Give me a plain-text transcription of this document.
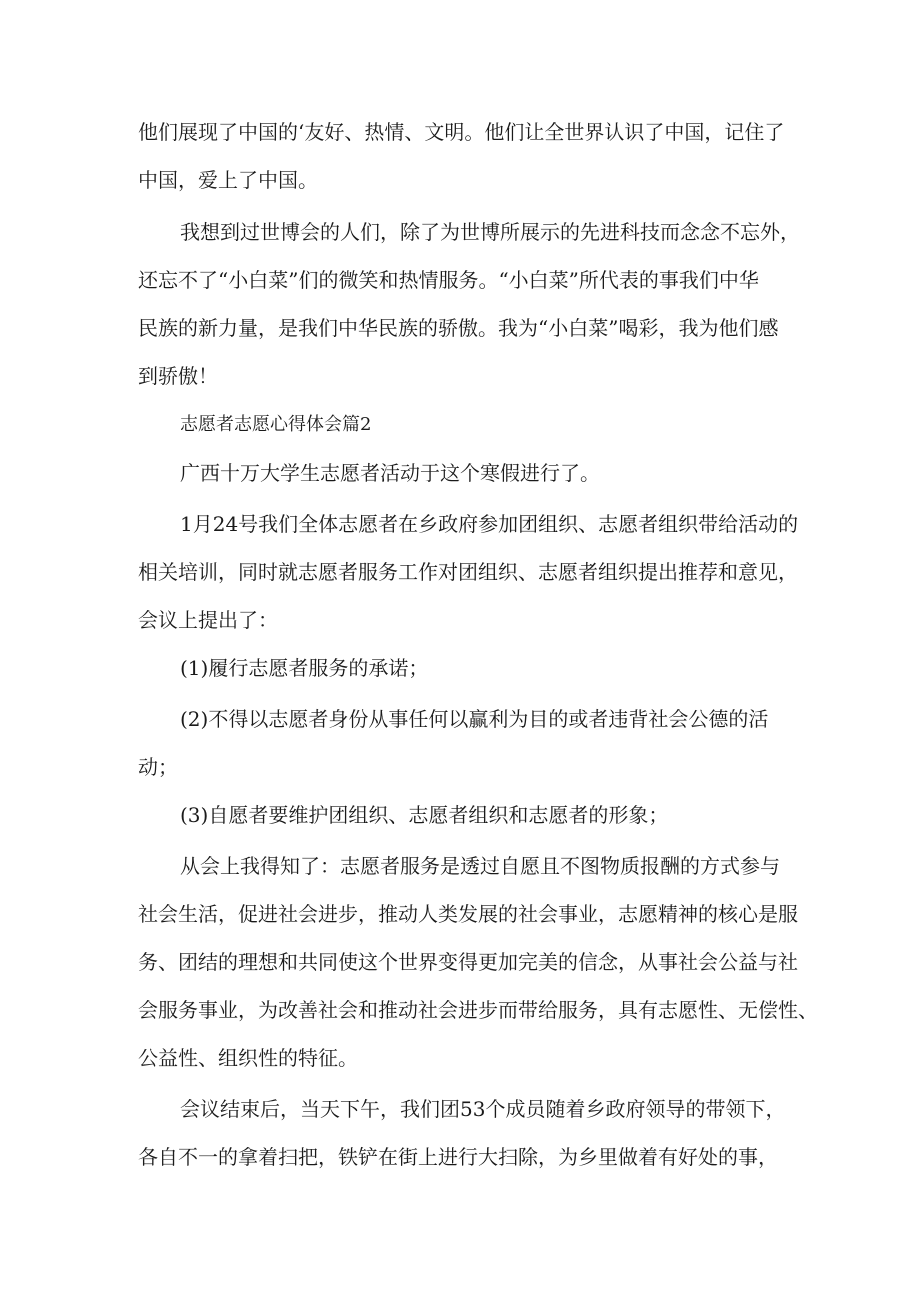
他们展现了中国的‘友好、热情、文明。他们让全世界认识了中国，记住了
中国，爱上了中国。
我想到过世博会的人们，除了为世博所展示的先进科技而念念不忘外，
还忘不了“小白菜”们的微笑和热情服务。“小白菜”所代表的事我们中华
民族的新力量，是我们中华民族的骄傲。我为“小白菜”喝彩，我为他们感
到骄傲！
志愿者志愿心得体会篇2
广西十万大学生志愿者活动于这个寒假进行了。
1月24号我们全体志愿者在乡政府参加团组织、志愿者组织带给活动的
相关培训，同时就志愿者服务工作对团组织、志愿者组织提出推荐和意见，
会议上提出了：
(1)履行志愿者服务的承诺；
(2)不得以志愿者身份从事任何以赢利为目的或者违背社会公德的活
动；
(3)自愿者要维护团组织、志愿者组织和志愿者的形象；
从会上我得知了：志愿者服务是透过自愿且不图物质报酬的方式参与
社会生活，促进社会进步，推动人类发展的社会事业，志愿精神的核心是服
务、团结的理想和共同使这个世界变得更加完美的信念，从事社会公益与社
会服务事业，为改善社会和推动社会进步而带给服务，具有志愿性、无偿性、
公益性、组织性的特征。
会议结束后，当天下午，我们团53个成员随着乡政府领导的带领下，
各自不一的拿着扫把，铁铲在街上进行大扫除，为乡里做着有好处的事，
